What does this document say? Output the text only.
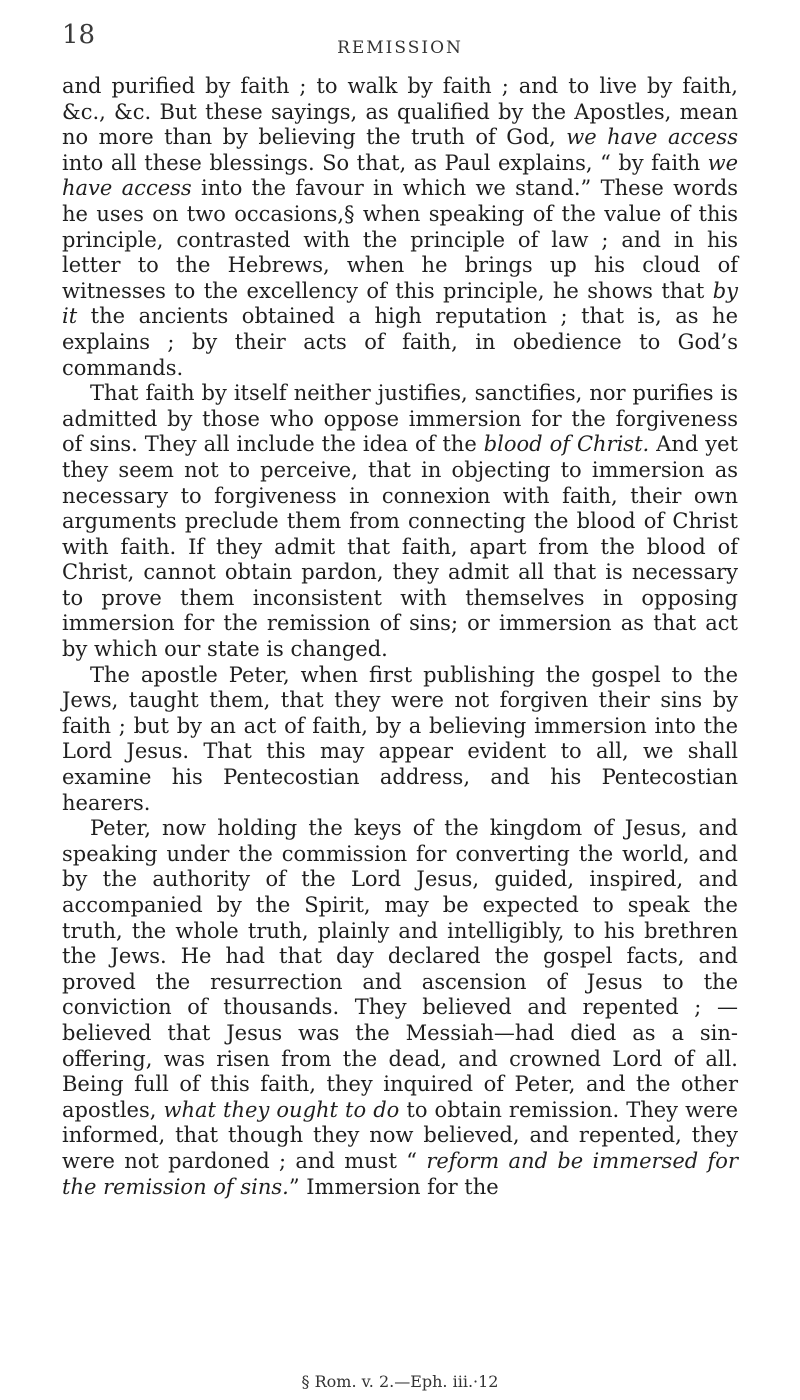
18	REMISSION

and purified by faith ; to walk by faith ; and to live by faith, &c., &c. But these sayings, as qualified by the Apostles, mean no more than by believing the truth of God, we have access into all these blessings. So that, as Paul explains, “ by faith we have access into the favour in which we stand.” These words he uses on two occasions,§ when speaking of the value of this principle, contrasted with the principle of law ; and in his letter to the Hebrews, when he brings up his cloud of witnesses to the excellency of this principle, he shows that by it the ancients obtained a high reputation ; that is, as he explains ; by their acts of faith, in obedience to God’s commands.

That faith by itself neither justifies, sanctifies, nor purifies is admitted by those who oppose immersion for the forgiveness of sins. They all include the idea of the blood of Christ. And yet they seem not to perceive, that in objecting to immersion as necessary to forgiveness in connexion with faith, their own arguments preclude them from connecting the blood of Christ with faith. If they admit that faith, apart from the blood of Christ, cannot obtain pardon, they admit all that is necessary to prove them inconsistent with themselves in opposing immersion for the remission of sins; or immersion as that act by which our state is changed.

The apostle Peter, when first publishing the gospel to the Jews, taught them, that they were not forgiven their sins by faith ; but by an act of faith, by a believing immersion into the Lord Jesus. That this may appear evident to all, we shall examine his Pentecostian address, and his Pentecostian hearers.

Peter, now holding the keys of the kingdom of Jesus, and speaking under the commission for converting the world, and by the authority of the Lord Jesus, guided, inspired, and accompanied by the Spirit, may be expected to speak the truth, the whole truth, plainly and intelligibly, to his brethren the Jews. He had that day declared the gospel facts, and proved the resurrection and ascension of Jesus to the conviction of thousands. They believed and repented ; —believed that Jesus was the Messiah—had died as a sin-offering, was risen from the dead, and crowned Lord of all. Being full of this faith, they inquired of Peter, and the other apostles, what they ought to do to obtain remission. They were informed, that though they now believed, and repented, they were not pardoned ; and must “ reform and be immersed for the remission of sins.” Immersion for the

§ Rom. v. 2.—Eph. iii.·12
